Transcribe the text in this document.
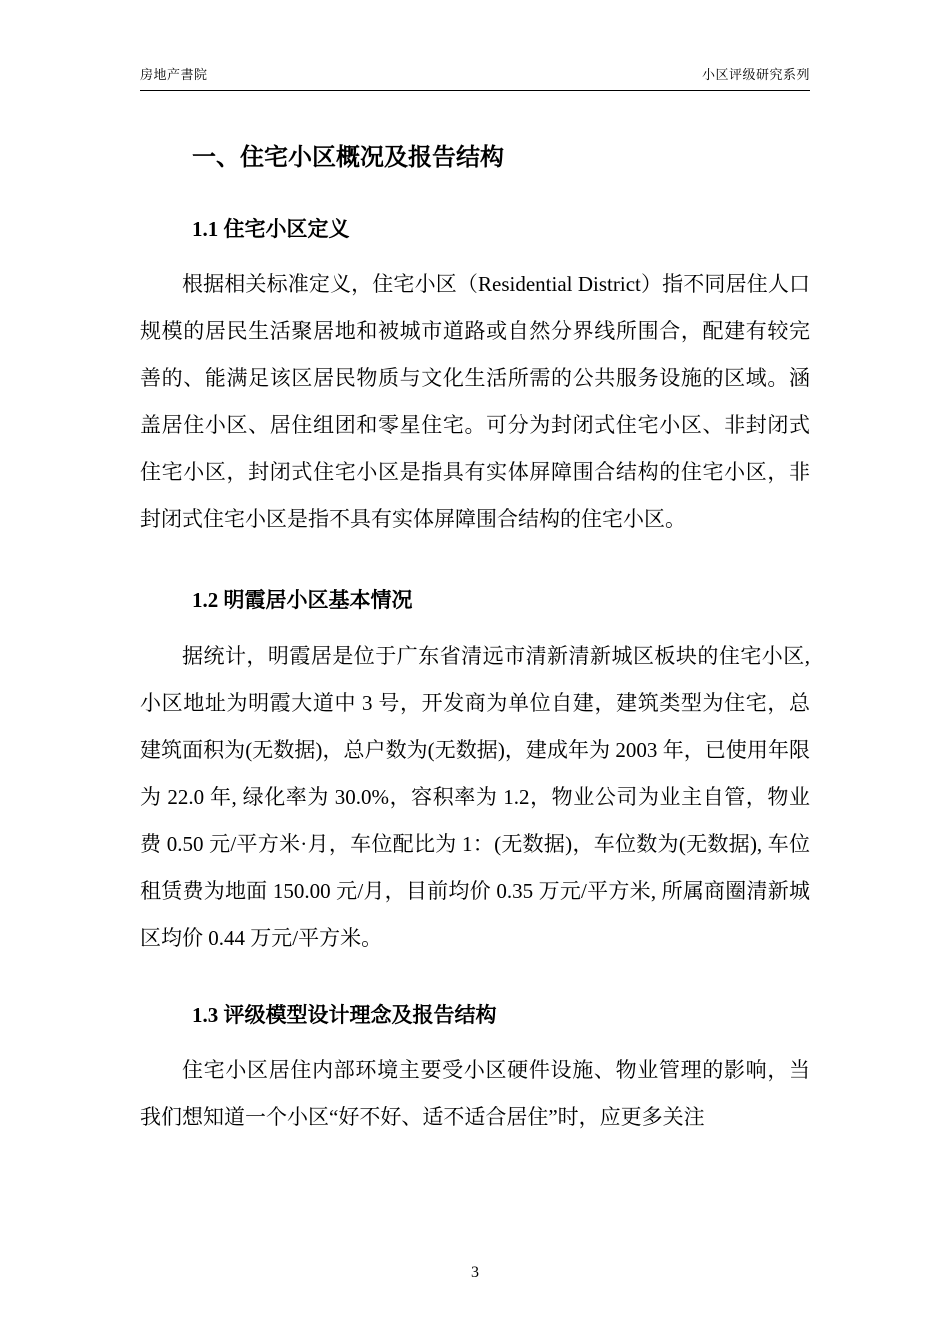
房地产書院	小区评级研究系列
一、住宅小区概况及报告结构
1.1 住宅小区定义

根据相关标准定义，住宅小区（Residential District）指不同居住人口规模的居民生活聚居地和被城市道路或自然分界线所围合，配建有较完善的、能满足该区居民物质与文化生活所需的公共服务设施的区域。涵盖居住小区、居住组团和零星住宅。可分为封闭式住宅小区、非封闭式住宅小区，封闭式住宅小区是指具有实体屏障围合结构的住宅小区，非封闭式住宅小区是指不具有实体屏障围合结构的住宅小区。

1.2 明霞居小区基本情况

据统计，明霞居是位于广东省清远市清新清新城区板块的住宅小区, 小区地址为明霞大道中 3 号，开发商为单位自建，建筑类型为住宅，总建筑面积为(无数据)，总户数为(无数据)，建成年为 2003 年，已使用年限为 22.0 年, 绿化率为 30.0%，容积率为 1.2，物业公司为业主自管，物业费 0.50 元/平方米·月，车位配比为 1：(无数据)，车位数为(无数据), 车位租赁费为地面 150.00 元/月，目前均价 0.35 万元/平方米, 所属商圈清新城区均价 0.44 万元/平方米。

1.3 评级模型设计理念及报告结构

住宅小区居住内部环境主要受小区硬件设施、物业管理的影响，当我们想知道一个小区“好不好、适不适合居住”时，应更多关注

3
